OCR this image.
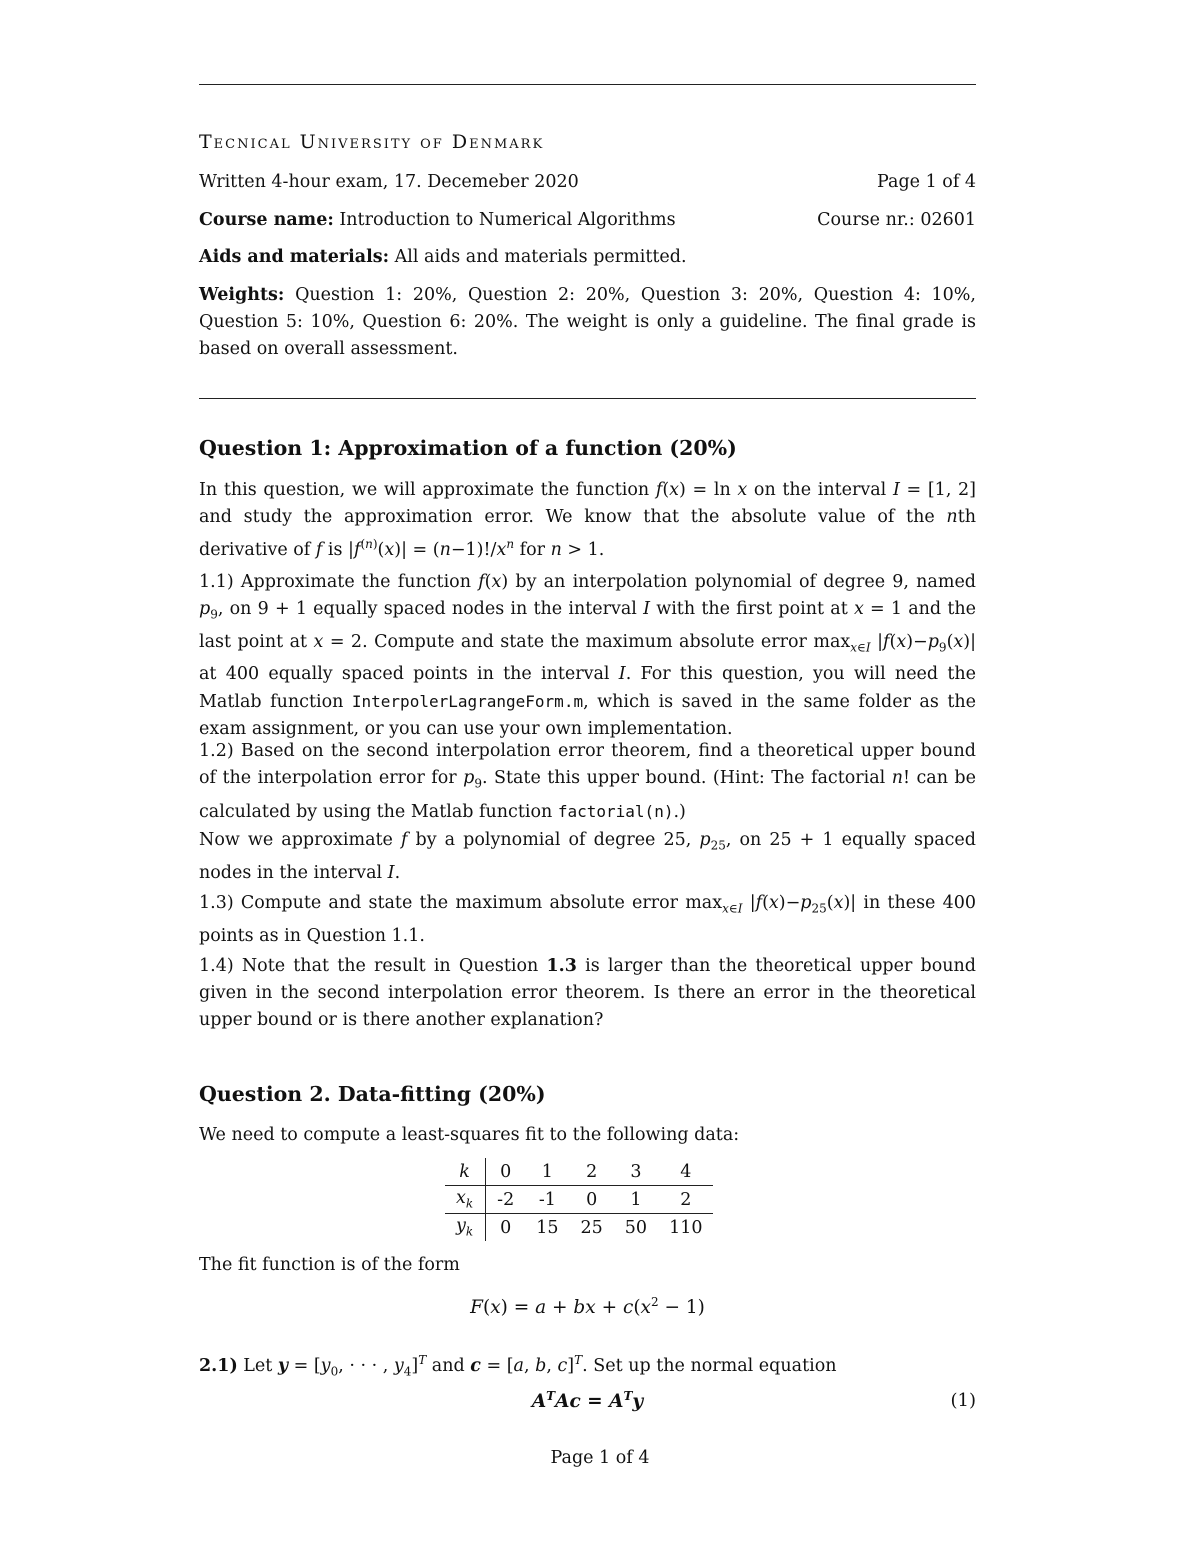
Tecnical University of Denmark
Written 4-hour exam, 17. Decemeber 2020	Page 1 of 4
Course name: Introduction to Numerical Algorithms	Course nr.: 02601
Aids and materials:
All aids and materials permitted.
Weights: Question 1: 20%, Question 2: 20%, Question 3: 20%, Question 4: 10%, Question 5: 10%, Question 6: 20%. The weight is only a guideline. The final grade is based on overall assessment.
Question 1: Approximation of a function (20%)
In this question, we will approximate the function f(x) = ln x on the interval I = [1, 2] and study the approximation error. We know that the absolute value of the nth derivative of f is $|f^{(n)}(x)| = (n-1)!/x^n$ for n > 1.
1.1) Approximate the function f(x) by an interpolation polynomial of degree 9, named $p_9$, on 9 + 1 equally spaced nodes in the interval I with the first point at x = 1 and the last point at x = 2. Compute and state the maximum absolute error $\max_{x\in I} |f(x)-p_9(x)|$ at 400 equally spaced points in the interval I. For this question, you will need the Matlab function InterpolerLagrangeForm.m, which is saved in the same folder as the exam assignment, or you can use your own implementation.
1.2) Based on the second interpolation error theorem, find a theoretical upper bound of the interpolation error for $p_9$. State this upper bound. (Hint: The factorial n! can be calculated by using the Matlab function factorial(n).)
Now we approximate f by a polynomial of degree 25, $p_{25}$, on 25 + 1 equally spaced nodes in the interval I.
1.3) Compute and state the maximum absolute error $\max_{x\in I} |f(x)-p_{25}(x)|$ in these 400 points as in Question 1.1.
1.4) Note that the result in Question 1.3 is larger than the theoretical upper bound given in the second interpolation error theorem. Is there an error in the theoretical upper bound or is there another explanation?
Question 2. Data-fitting (20%)
We need to compute a least-squares fit to the following data:
k	0	1	2	3	4
$x_k$	-2	-1	0	1	2
$y_k$	0	15	25	50	110
The fit function is of the form
F(x) = a + bx + $c(x^2 - 1)$
2.1) Let $y = [y_0$, · · · , $y_4]^T$ and c = [a, b, c]$^T$. Set up the normal equation
$A^TAc = A^Ty$	(1)
Page 1 of 4
